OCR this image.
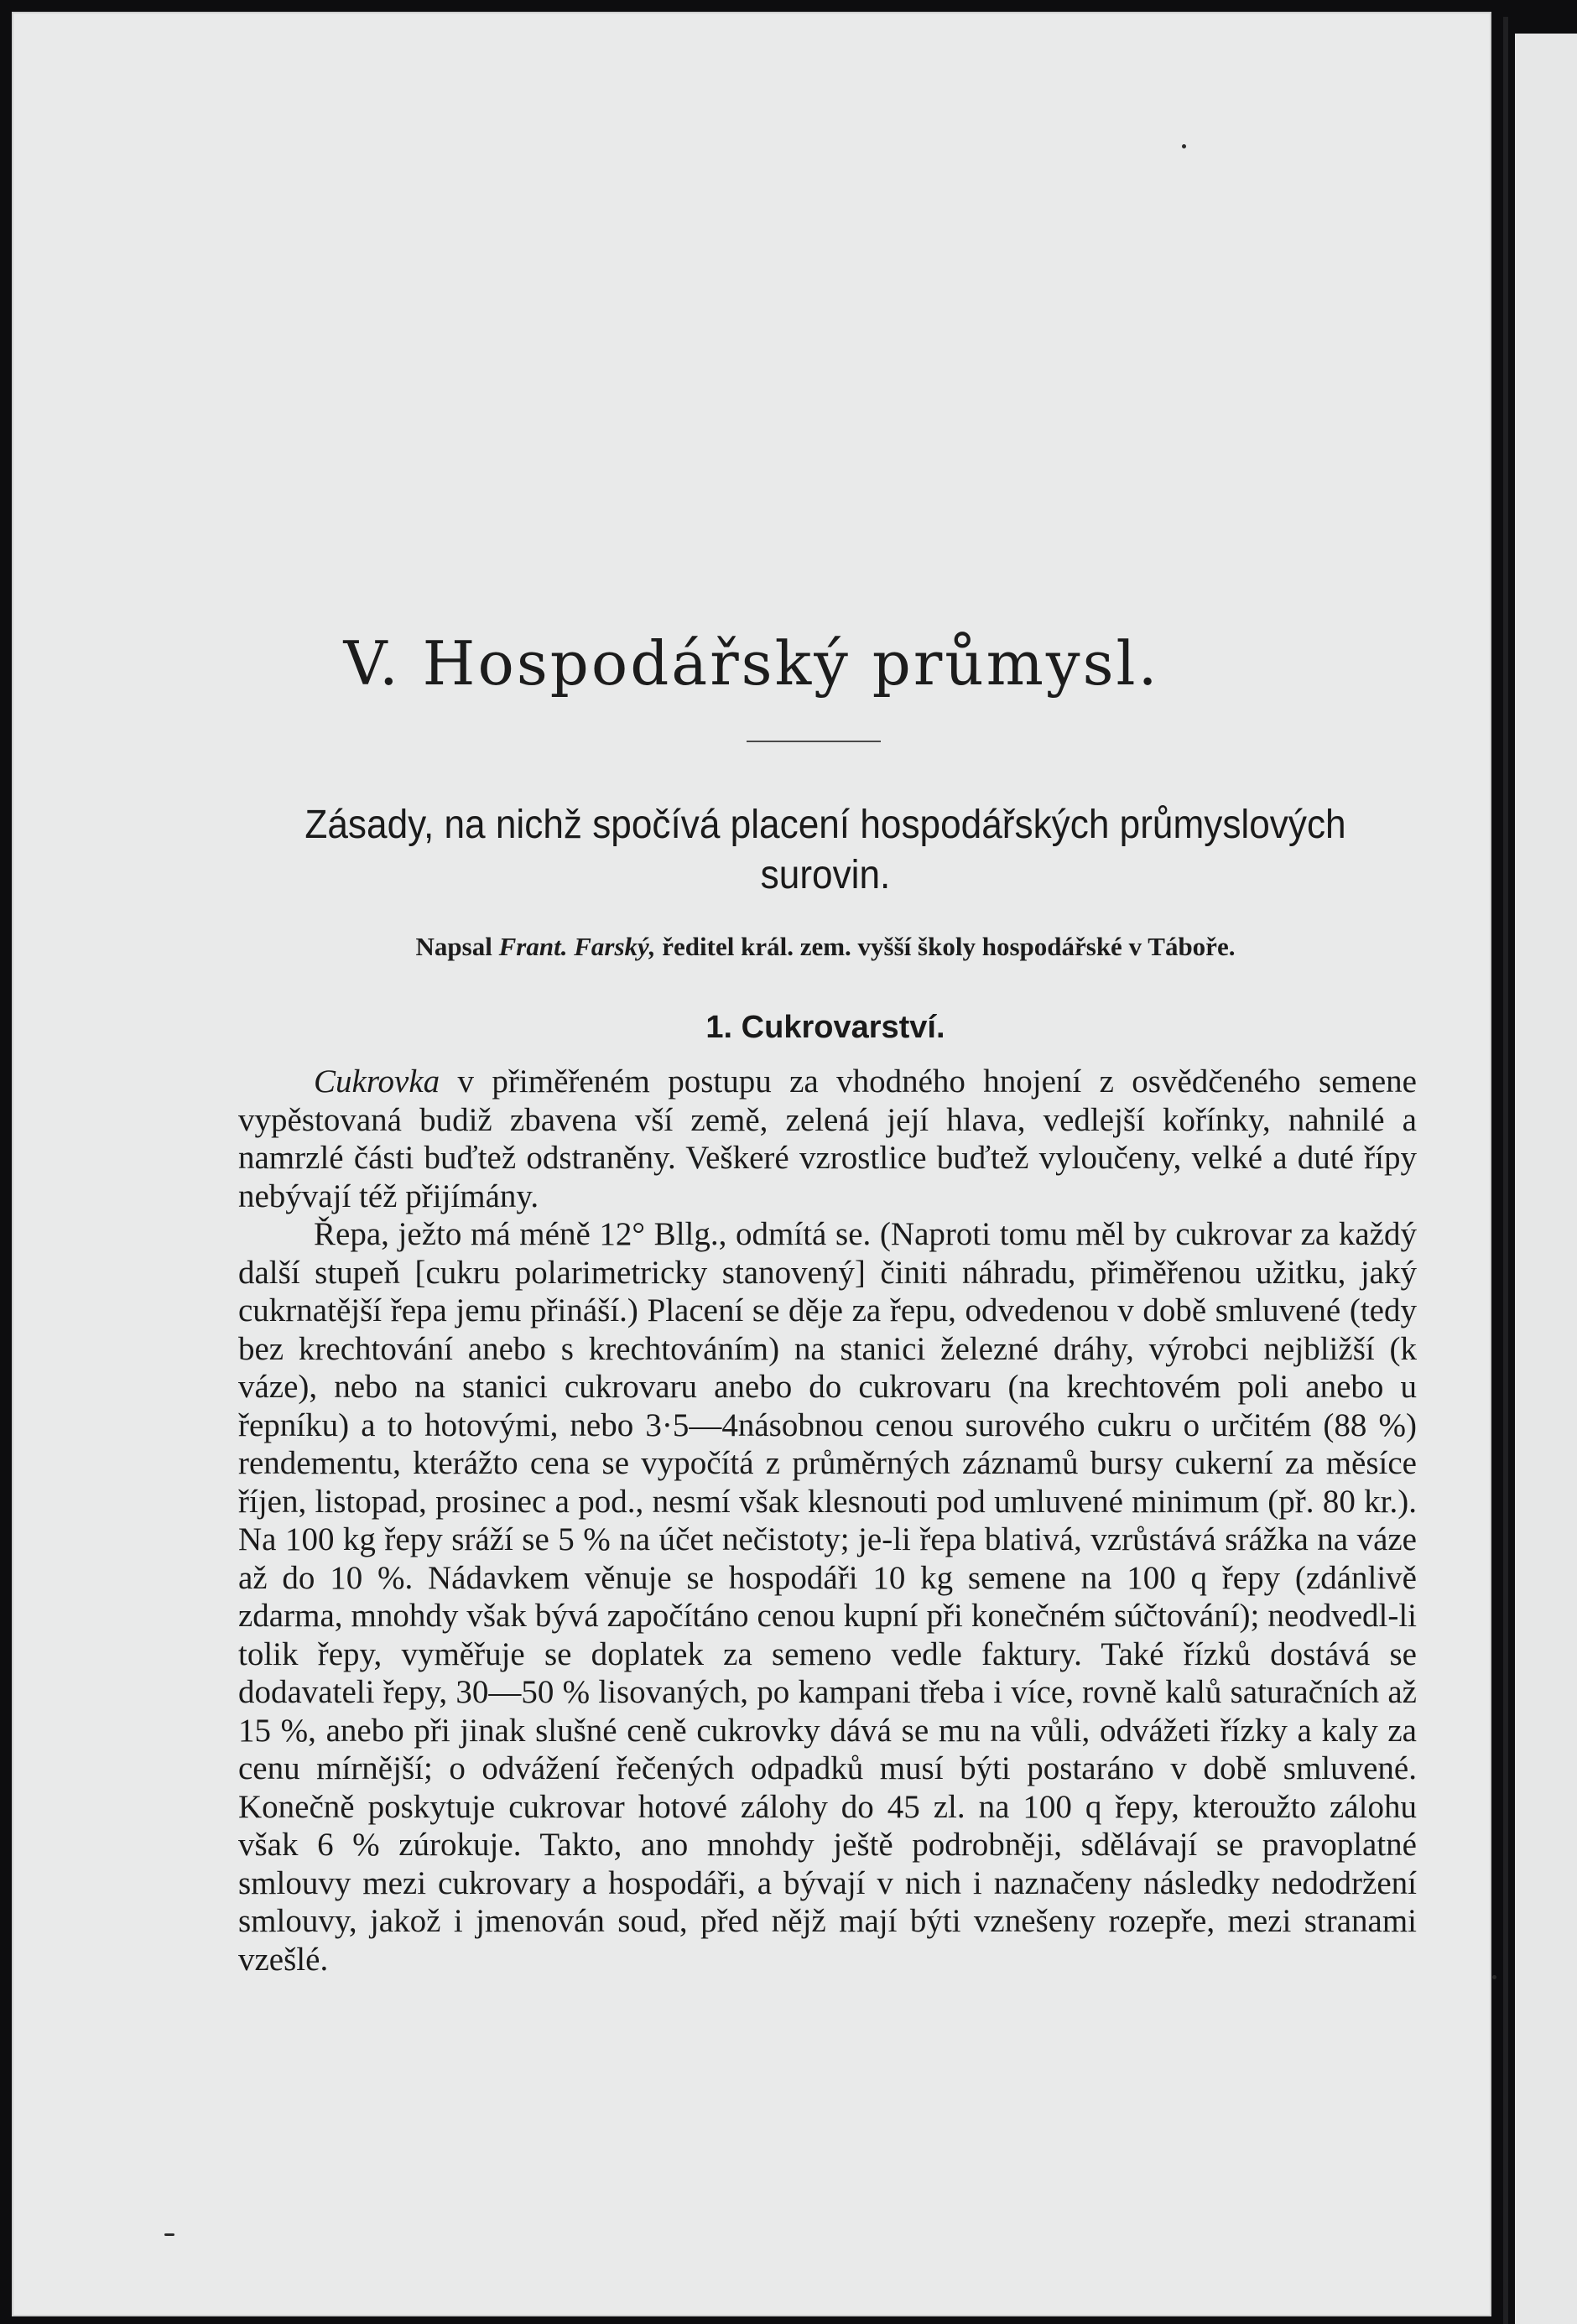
V. Hospodářský průmysl.
Zásady, na nichž spočívá placení hospodářských průmyslových surovin.
Napsal Frant. Farský, ředitel král. zem. vyšší školy hospodářské v Táboře.
1. Cukrovarství.

Cukrovka v přiměřeném postupu za vhodného hnojení z osvědčeného semene vypěstovaná budiž zbavena vší země, zelená její hlava, vedlejší kořínky, nahnilé a namrzlé části buďtež odstraněny. Veškeré vzrostlice buďtež vyloučeny, velké a duté řípy nebývají též přijímány.

Řepa, ježto má méně 12° Bllg., odmítá se. (Naproti tomu měl by cukrovar za každý další stupeň [cukru polarimetricky stanovený] činiti náhradu, přiměřenou užitku, jaký cukrnatější řepa jemu přináší.) Placení se děje za řepu, odvedenou v době smluvené (tedy bez krechtování anebo s krechtováním) na stanici železné dráhy, výrobci nejbližší (k váze), nebo na stanici cukrovaru anebo do cukrovaru (na krechtovém poli anebo u řepníku) a to hotovými, nebo 3·5—4násobnou cenou surového cukru o určitém (88 %) rendementu, kterážto cena se vypočítá z průměrných záznamů bursy cukerní za měsíce říjen, listopad, prosinec a pod., nesmí však klesnouti pod umluvené minimum (př. 80 kr.). Na 100 kg řepy sráží se 5 % na účet nečistoty; je-li řepa blativá, vzrůstává srážka na váze až do 10 %. Nádavkem věnuje se hospodáři 10 kg semene na 100 q řepy (zdánlivě zdarma, mnohdy však bývá započítáno cenou kupní při konečném súčtování); neodvedl-li tolik řepy, vyměřuje se doplatek za semeno vedle faktury. Také řízků dostává se dodavateli řepy, 30—50 % lisovaných, po kampani třeba i více, rovně kalů saturačních až 15 %, anebo při jinak slušné ceně cukrovky dává se mu na vůli, odvážeti řízky a kaly za cenu mírnější; o odvážení řečených odpadků musí býti postaráno v době smluvené. Konečně poskytuje cukrovar hotové zálohy do 45 zl. na 100 q řepy, kteroužto zálohu však 6 % zúrokuje. Takto, ano mnohdy ještě podrobněji, sdělávají se pravoplatné smlouvy mezi cukrovary a hospodáři, a bývají v nich i naznačeny následky nedodržení smlouvy, jakož i jmenován soud, před nějž mají býti vznešeny rozepře, mezi stranami vzešlé.
